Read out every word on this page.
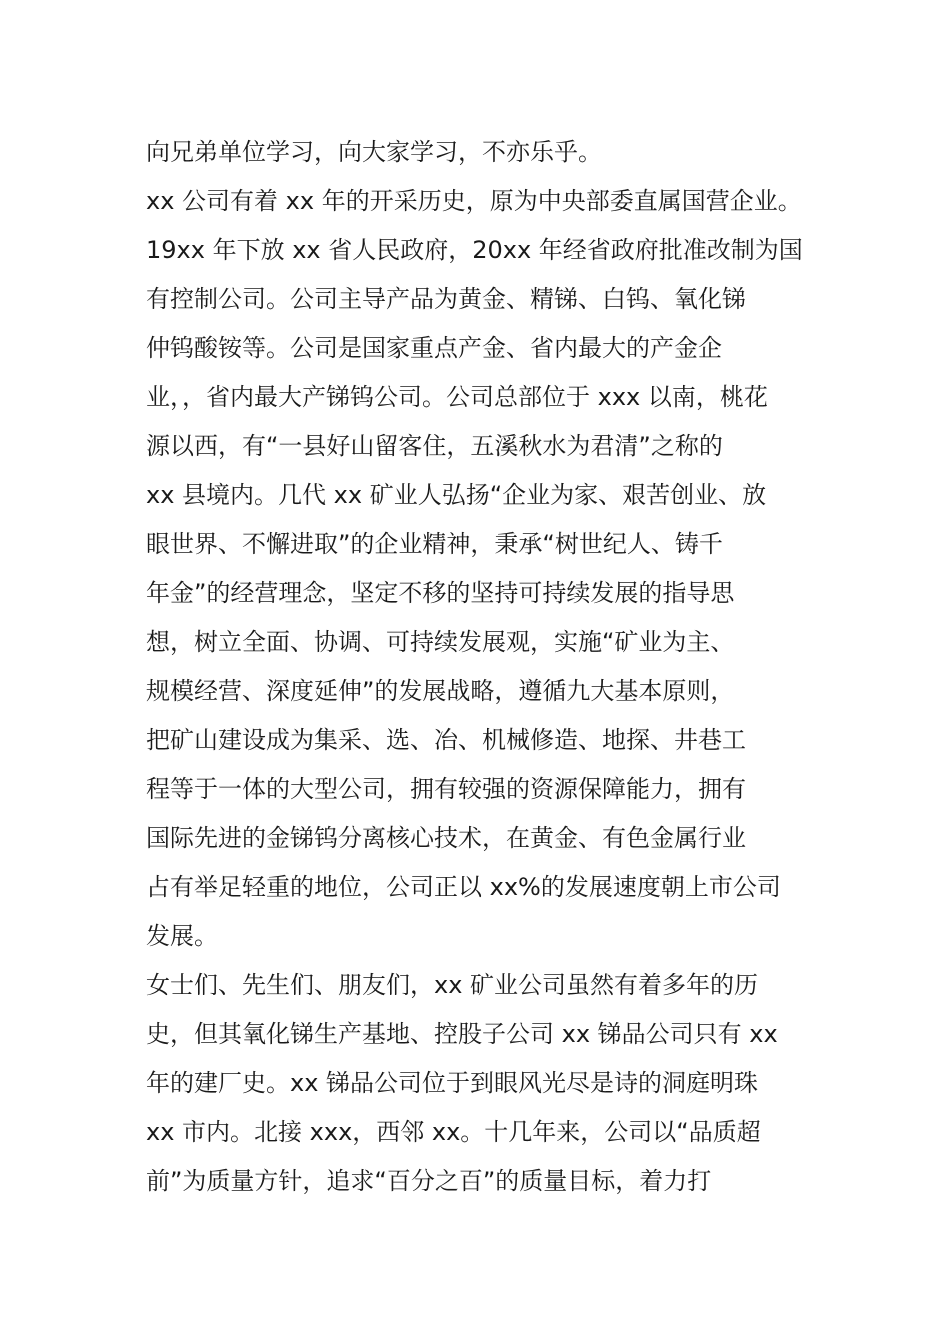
向兄弟单位学习，向大家学习，不亦乐乎。
xx 公司有着 xx 年的开采历史，原为中央部委直属国营企业。
19xx 年下放 xx 省人民政府，20xx 年经省政府批准改制为国
有控制公司。公司主导产品为黄金、精锑、白钨、氧化锑
仲钨酸铵等。公司是国家重点产金、省内最大的产金企
业，，省内最大产锑钨公司。公司总部位于 xxx 以南，桃花
源以西，有“一县好山留客住，五溪秋水为君清”之称的
xx 县境内。几代 xx 矿业人弘扬“企业为家、艰苦创业、放
眼世界、不懈进取”的企业精神，秉承“树世纪人、铸千
年金”的经营理念，坚定不移的坚持可持续发展的指导思
想，树立全面、协调、可持续发展观，实施“矿业为主、
规模经营、深度延伸”的发展战略，遵循九大基本原则，
把矿山建设成为集采、选、冶、机械修造、地探、井巷工
程等于一体的大型公司，拥有较强的资源保障能力，拥有
国际先进的金锑钨分离核心技术，在黄金、有色金属行业
占有举足轻重的地位，公司正以 xx%的发展速度朝上市公司
发展。
女士们、先生们、朋友们，xx 矿业公司虽然有着多年的历
史，但其氧化锑生产基地、控股子公司 xx 锑品公司只有 xx
年的建厂史。xx 锑品公司位于到眼风光尽是诗的洞庭明珠
xx 市内。北接 xxx，西邻 xx。十几年来，公司以“品质超
前”为质量方针，追求“百分之百”的质量目标，着力打
